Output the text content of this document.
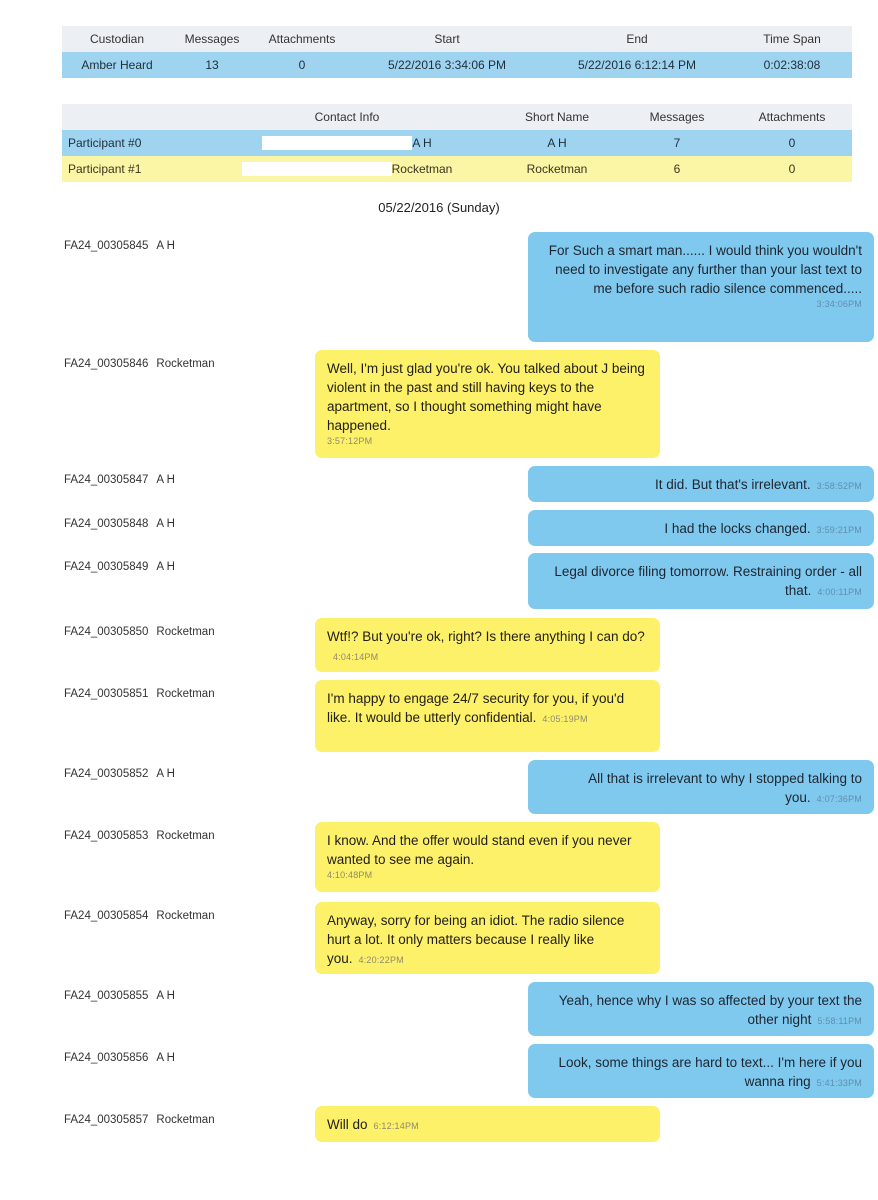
Custodian	Messages	Attachments	Start	End	Time Span
Amber Heard	13	0	5/22/2016 3:34:06 PM	5/22/2016 6:12:14 PM	0:02:38:08
	Contact Info	Short Name	Messages	Attachments
Participant #0	A H	A H	7	0
Participant #1	Rocketman	Rocketman	6	0
05/22/2016 (Sunday)
FA24_00305845 A H	For Such a smart man...... I would think you wouldn't need to investigate any further than your last text to me before such radio silence commenced.....
3:34:06PM
FA24_00305846 Rocketman	Well, I'm just glad you're ok. You talked about J being violent in the past and still having keys to the apartment, so I thought something might have happened.
3:57:12PM
FA24_00305847 A H	It did. But that's irrelevant. 3:58:52PM
FA24_00305848 A H	I had the locks changed. 3:59:21PM
FA24_00305849 A H	Legal divorce filing tomorrow. Restraining order - all that. 4:00:11PM
FA24_00305850 Rocketman	Wtf!? But you're ok, right? Is there anything I can do?4:04:14PM
FA24_00305851 Rocketman	I'm happy to engage 24/7 security for you, if you'd like. It would be utterly confidential. 4:05:19PM
FA24_00305852 A H	All that is irrelevant to why I stopped talking to you. 4:07:36PM
FA24_00305853 Rocketman	I know. And the offer would stand even if you never wanted to see me again.
4:10:48PM
FA24_00305854 Rocketman	Anyway, sorry for being an idiot. The radio silence hurt a lot. It only matters because I really like you. 4:20:22PM
FA24_00305855 A H	Yeah, hence why I was so affected by your text the other night 5:58:11PM
FA24_00305856 A H	Look, some things are hard to text... I'm here if you wanna ring 5:41:33PM
FA24_00305857 Rocketman	Will do 6:12:14PM
